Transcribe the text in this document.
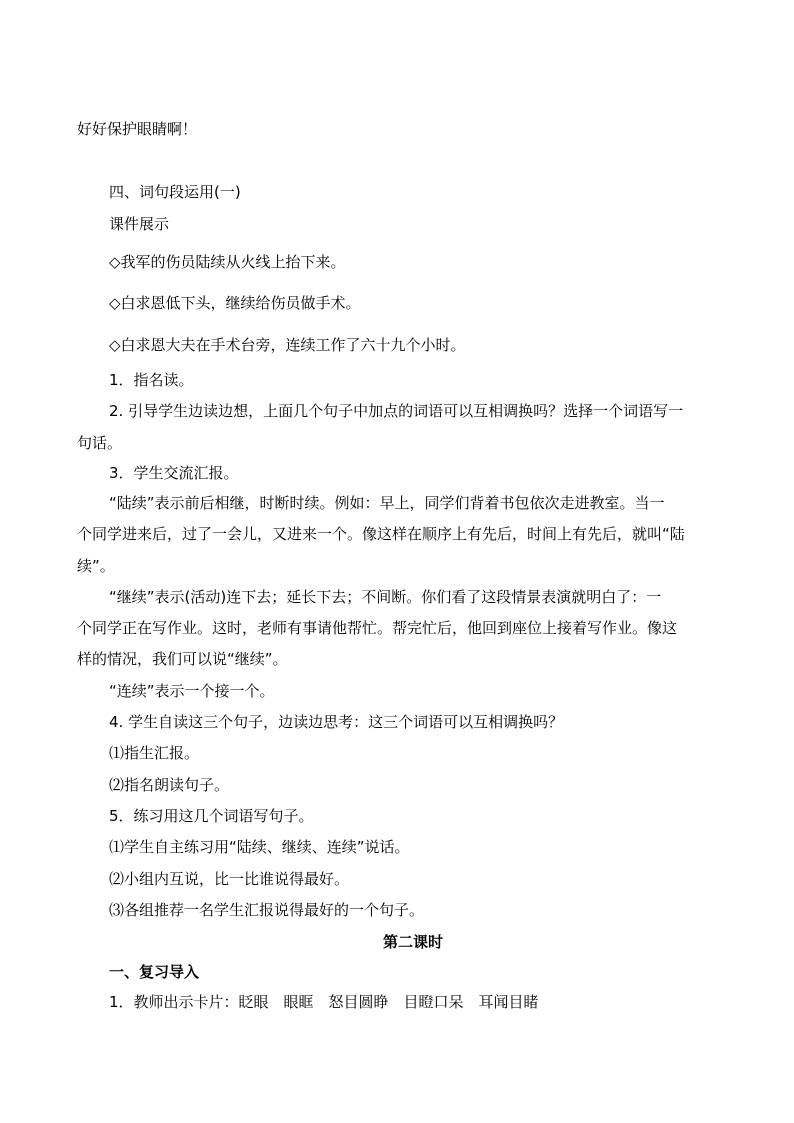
好好保护眼睛啊！
四、词句段运用(一)
课件展示
◇我军的伤员陆续从火线上抬下来。
◇白求恩低下头，继续给伤员做手术。
◇白求恩大夫在手术台旁，连续工作了六十九个小时。
1．指名读。
2. 引导学生边读边想，上面几个句子中加点的词语可以互相调换吗？选择一个词语写一
句话。
3．学生交流汇报。
“陆续”表示前后相继，时断时续。例如：早上，同学们背着书包依次走进教室。当一
个同学进来后，过了一会儿，又进来一个。像这样在顺序上有先后，时间上有先后，就叫“陆
续”。
“继续”表示(活动)连下去；延长下去；不间断。你们看了这段情景表演就明白了：一
个同学正在写作业。这时，老师有事请他帮忙。帮完忙后，他回到座位上接着写作业。像这
样的情况，我们可以说“继续”。
“连续”表示一个接一个。
4. 学生自读这三个句子，边读边思考：这三个词语可以互相调换吗？
⑴指生汇报。
⑵指名朗读句子。
5．练习用这几个词语写句子。
⑴学生自主练习用“陆续、继续、连续”说话。
⑵小组内互说，比一比谁说得最好。
⑶各组推荐一名学生汇报说得最好的一个句子。
第二课时
一、复习导入
1．教师出示卡片：眨眼　眼眶　怒目圆睁　目瞪口呆　耳闻目睹
